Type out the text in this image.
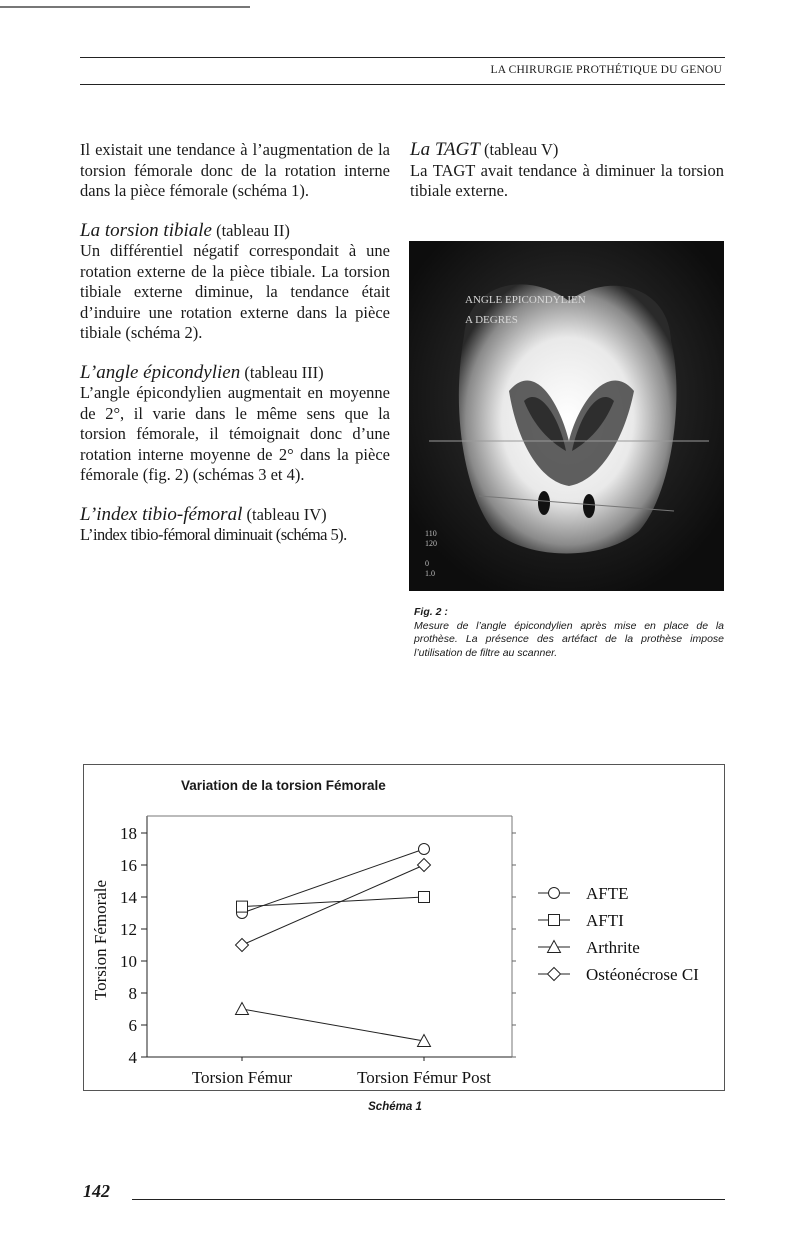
LA CHIRURGIE PROTHÉTIQUE DU GENOU

Il existait une tendance à l’augmentation de la torsion fémorale donc de la rotation interne dans la pièce fémorale (schéma 1).

La torsion tibiale (tableau II)

Un différentiel négatif correspondait à une rotation externe de la pièce tibiale. La torsion tibiale externe diminue, la tendance était d’induire une rotation externe dans la pièce tibiale (schéma 2).

L’angle épicondylien (tableau III)

L’angle épicondylien augmentait en moyenne de 2°, il varie dans le même sens que la torsion fémorale, il témoignait donc d’une rotation interne moyenne de 2° dans la pièce fémorale (fig. 2) (schémas 3 et 4).

L’index tibio-fémoral (tableau IV)

L’index tibio-fémoral diminuait (schéma 5).

La TAGT (tableau V)

La TAGT avait tendance à diminuer la torsion tibiale externe.

ANGLE EPICONDYLIEN
A DEGRES
110
120
0
1.0
Fig. 2 :
Mesure de l’angle épicondylien après mise en place de la prothèse. La présence des artéfact de la prothèse impose l’utilisation de filtre au scanner.
Variation de la torsion Fémorale
18
16
14
12
10
8
6
4
Torsion Fémur	Torsion Fémur Post
AFTE
AFTI
Arthrite
Ostéonécrose CI
Torsion Fémorale
Schéma 1
142
